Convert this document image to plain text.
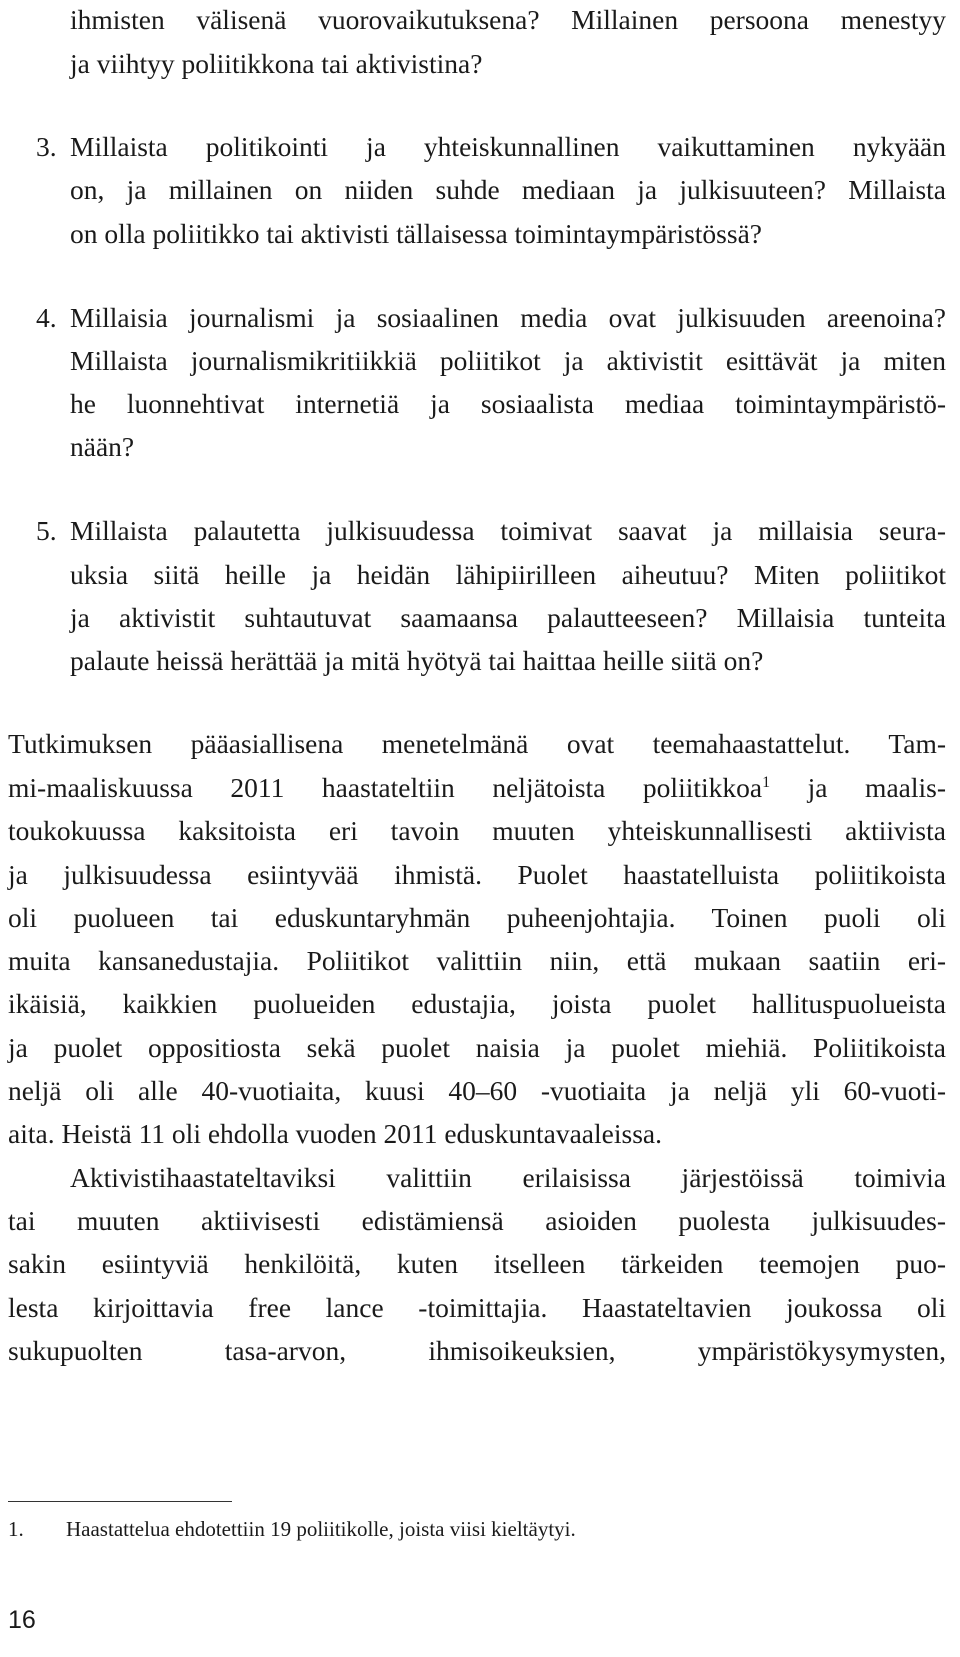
ihmisten välisenä vuorovaikutuksena? Millainen persoona menestyy
ja viihtyy poliitikkona tai aktivistina?
3. Millaista politikointi ja yhteiskunnallinen vaikuttaminen nykyään
on, ja millainen on niiden suhde mediaan ja julkisuuteen? Millaista
on olla poliitikko tai aktivisti tällaisessa toimintaympäristössä?
4. Millaisia journalismi ja sosiaalinen media ovat julkisuuden areenoina?
Millaista journalismikritiikkiä poliitikot ja aktivistit esittävät ja miten
he luonnehtivat internetiä ja sosiaalista mediaa toimintaympäristö-
nään?
5. Millaista palautetta julkisuudessa toimivat saavat ja millaisia seura-
uksia siitä heille ja heidän lähipiirilleen aiheutuu? Miten poliitikot
ja aktivistit suhtautuvat saamaansa palautteeseen? Millaisia tunteita
palaute heissä herättää ja mitä hyötyä tai haittaa heille siitä on?
Tutkimuksen pääasiallisena menetelmänä ovat teemahaastattelut. Tam-
mi-maaliskuussa 2011 haastateltiin neljätoista poliitikkoa$^1$ ja maalis-
toukokuussa kaksitoista eri tavoin muuten yhteiskunnallisesti aktiivista
ja julkisuudessa esiintyvää ihmistä. Puolet haastatelluista poliitikoista
oli puolueen tai eduskuntaryhmän puheenjohtajia. Toinen puoli oli
muita kansanedustajia. Poliitikot valittiin niin, että mukaan saatiin eri-
ikäisiä, kaikkien puolueiden edustajia, joista puolet hallituspuolueista
ja puolet oppositiosta sekä puolet naisia ja puolet miehiä. Poliitikoista
neljä oli alle 40-vuotiaita, kuusi 40–60 -vuotiaita ja neljä yli 60-vuoti-
aita. Heistä 11 oli ehdolla vuoden 2011 eduskuntavaaleissa.
Aktivistihaastateltaviksi valittiin erilaisissa järjestöissä toimivia
tai muuten aktiivisesti edistämiensä asioiden puolesta julkisuudes-
sakin esiintyviä henkilöitä, kuten itselleen tärkeiden teemojen puo-
lesta kirjoittavia free lance -toimittajia. Haastateltavien joukossa oli
sukupuolten tasa-arvon, ihmisoikeuksien, ympäristökysymysten,
1. Haastattelua ehdotettiin 19 poliitikolle, joista viisi kieltäytyi.
16
